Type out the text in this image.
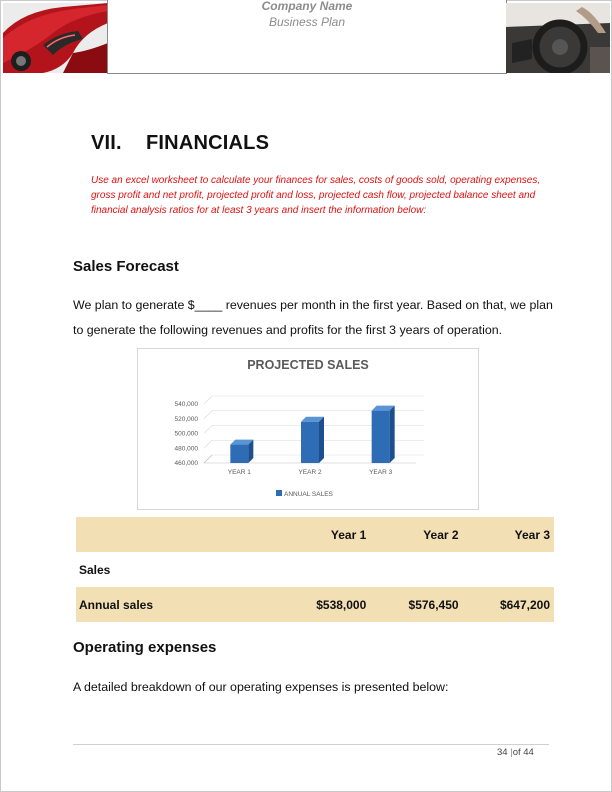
Company Name
Business Plan
VII. FINANCIALS
Use an excel worksheet to calculate your finances for sales, costs of goods sold, operating expenses, gross profit and net profit, projected profit and loss, projected cash flow, projected balance sheet and financial analysis ratios for at least 3 years and insert the information below:
Sales Forecast
We plan to generate $____ revenues per month in the first year. Based on that, we plan to generate the following revenues and profits for the first 3 years of operation.
PROJECTED SALES
460,000
480,000
500,000
520,000
540,000
YEAR 1	YEAR 2	YEAR 3
ANNUAL SALES
	Year 1	Year 2	Year 3
Sales			
Annual sales	$538,000	$576,450	$647,200
Operating expenses
A detailed breakdown of our operating expenses is presented below:
34 |of 44
